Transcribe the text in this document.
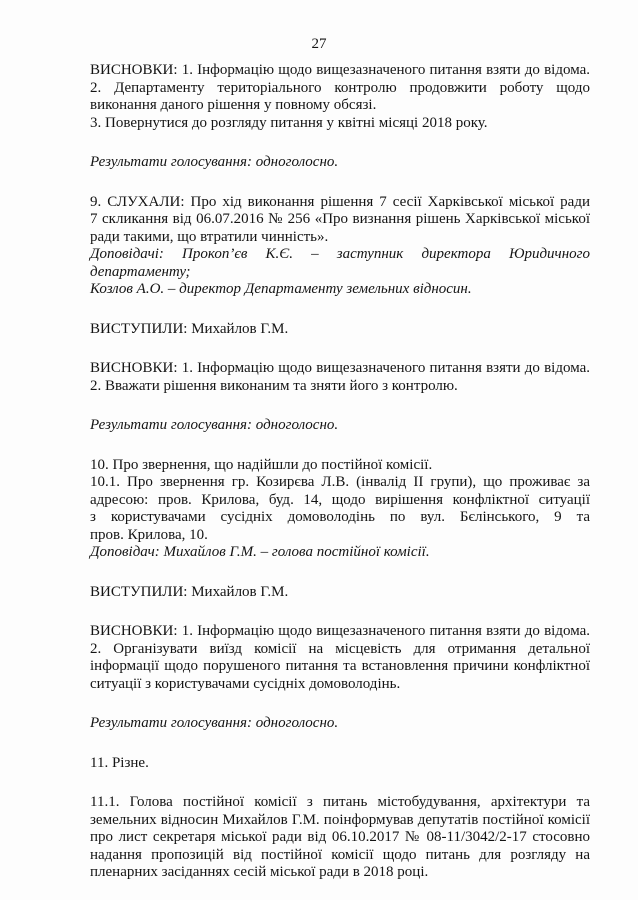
27

ВИСНОВКИ: 1. Інформацію щодо вищезазначеного питання взяти до відома.

2. Департаменту територіального контролю продовжити роботу щодо

виконання даного рішення у повному обсязі.

3. Повернутися до розгляду питання у квітні місяці 2018 року.

Результати голосування: одноголосно.

9. СЛУХАЛИ: Про хід виконання рішення 7 сесії Харківської міської ради

7 скликання від 06.07.2016 № 256 «Про визнання рішень Харківської міської

ради такими, що втратили чинність».

Доповідачі: Прокоп’єв К.Є. – заступник директора Юридичного

департаменту;

Козлов А.О. – директор Департаменту земельних відносин.

ВИСТУПИЛИ: Михайлов Г.М.

ВИСНОВКИ: 1. Інформацію щодо вищезазначеного питання взяти до відома.

2. Вважати рішення виконаним та зняти його з контролю.

Результати голосування: одноголосно.

10. Про звернення, що надійшли до постійної комісії.

10.1. Про звернення гр. Козирєва Л.В. (інвалід ІІ групи), що проживає за

адресою: пров. Крилова, буд. 14, щодо вирішення конфліктної ситуації

з користувачами сусідніх домоволодінь по вул. Бєлінського, 9 та

пров. Крилова, 10.

Доповідач: Михайлов Г.М. – голова постійної комісії.

ВИСТУПИЛИ: Михайлов Г.М.

ВИСНОВКИ: 1. Інформацію щодо вищезазначеного питання взяти до відома.

2. Організувати виїзд комісії на місцевість для отримання детальної

інформації щодо порушеного питання та встановлення причини конфліктної

ситуації з користувачами сусідніх домоволодінь.

Результати голосування: одноголосно.

11. Різне.

11.1. Голова постійної комісії з питань містобудування, архітектури та

земельних відносин Михайлов Г.М. поінформував депутатів постійної комісії

про лист секретаря міської ради від 06.10.2017 № 08-11/3042/2-17 стосовно

надання пропозицій від постійної комісії щодо питань для розгляду на

пленарних засіданнях сесій міської ради в 2018 році.
